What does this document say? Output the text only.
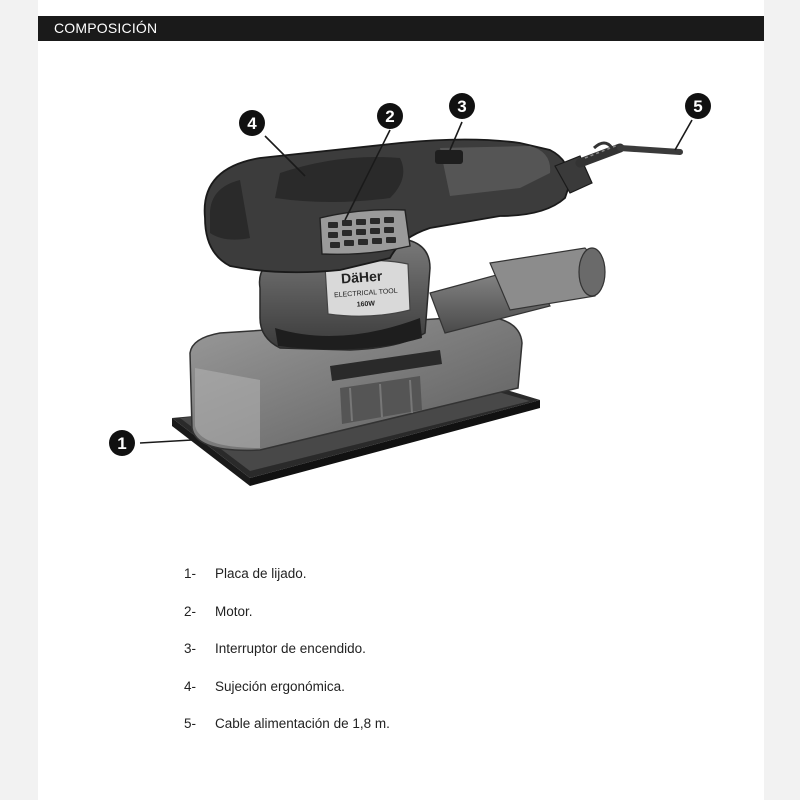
COMPOSICIÓN
DäHer
ELECTRICAL TOOL
160W
1
2
3
4
5
1- Placa de lijado.
2- Motor.
3- Interruptor de encendido.
4- Sujeción ergonómica.
5- Cable alimentación de 1,8 m.
